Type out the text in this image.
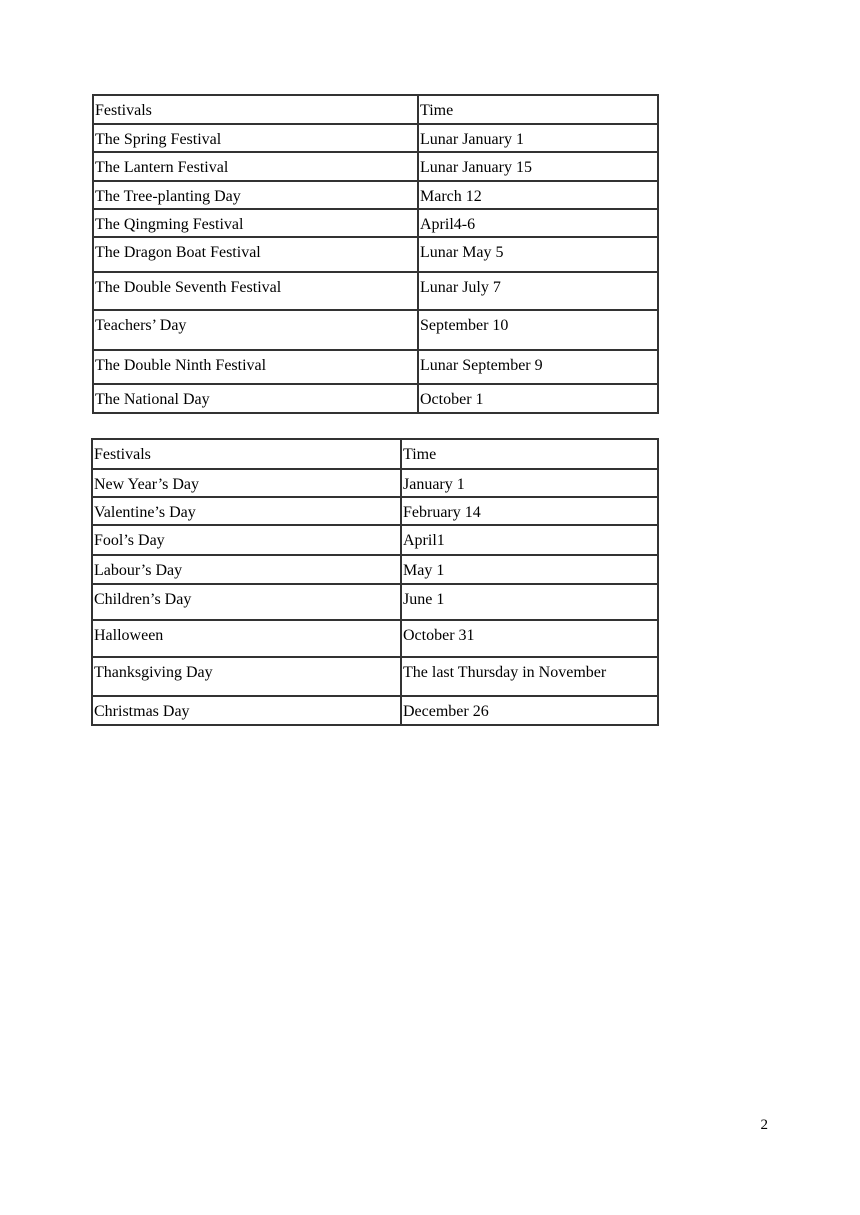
Festivals	Time
The Spring Festival	Lunar January 1
The Lantern Festival	Lunar January 15
The Tree-planting Day	March 12
The Qingming Festival	April4-6
The Dragon Boat Festival	Lunar May 5
The Double Seventh Festival	Lunar July 7
Teachers’ Day	September 10
The Double Ninth Festival	Lunar September 9
The National Day	October 1
Festivals	Time
New Year’s Day	January 1
Valentine’s Day	February 14
Fool’s Day	April1
Labour’s Day	May 1
Children’s Day	June 1
Halloween	October 31
Thanksgiving Day	The last Thursday in November
Christmas Day	December 26
2
